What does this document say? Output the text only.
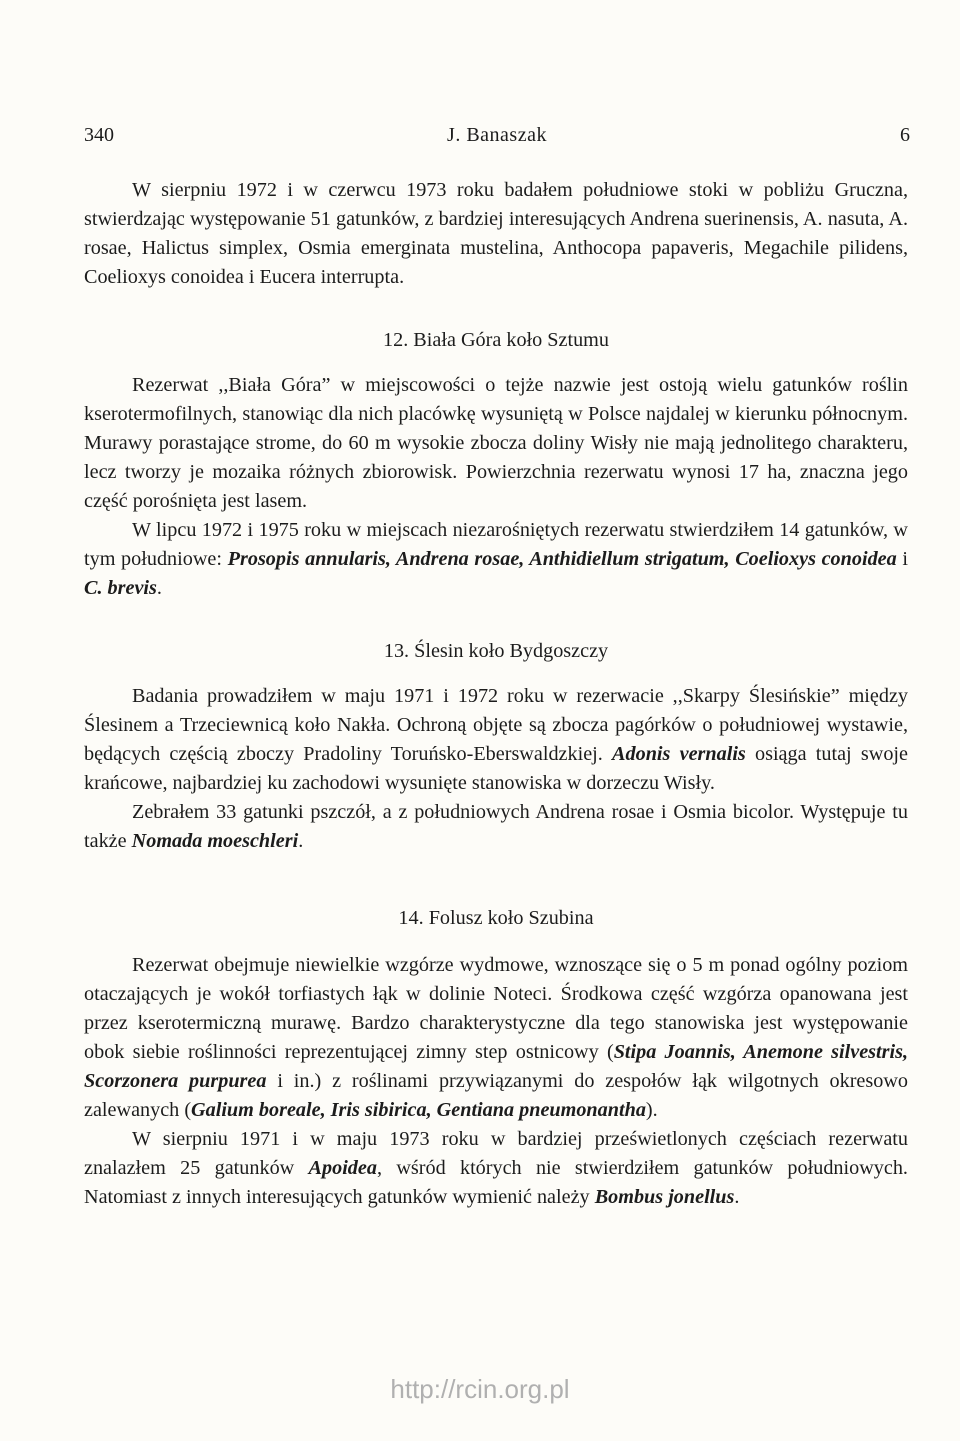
340	J. Banaszak	6

W sierpniu 1972 i w czerwcu 1973 roku badałem południowe stoki w pobliżu Gruczna, stwierdzając występowanie 51 gatunków, z bardziej interesujących Andrena suerinensis, A. nasuta, A. rosae, Halictus simplex, Osmia emerginata mustelina, Anthocopa papaveris, Megachile pilidens, Coelioxys conoidea i Eucera interrupta.

12. Biała Góra koło Sztumu

Rezerwat ,,Biała Góra” w miejscowości o tejże nazwie jest ostoją wielu gatunków roślin kserotermofilnych, stanowiąc dla nich placówkę wysuniętą w Polsce najdalej w kierunku północnym. Murawy porastające strome, do 60 m wysokie zbocza doliny Wisły nie mają jednolitego charakteru, lecz tworzy je mozaika różnych zbiorowisk. Powierzchnia rezerwatu wynosi 17 ha, znaczna jego część porośnięta jest lasem.

W lipcu 1972 i 1975 roku w miejscach niezarośniętych rezerwatu stwierdziłem 14 gatunków, w tym południowe: Prosopis annularis, Andrena rosae, Anthidiellum strigatum, Coelioxys conoidea i C. brevis.

13. Ślesin koło Bydgoszczy

Badania prowadziłem w maju 1971 i 1972 roku w rezerwacie ,,Skarpy Ślesińskie” między Ślesinem a Trzeciewnicą koło Nakła. Ochroną objęte są zbocza pagórków o południowej wystawie, będących częścią zboczy Pradoliny Toruńsko-Eberswaldzkiej. Adonis vernalis osiąga tutaj swoje krańcowe, najbardziej ku zachodowi wysunięte stanowiska w dorzeczu Wisły.

Zebrałem 33 gatunki pszczół, a z południowych Andrena rosae i Osmia bicolor. Występuje tu także Nomada moeschleri.

14. Folusz koło Szubina

Rezerwat obejmuje niewielkie wzgórze wydmowe, wznoszące się o 5 m ponad ogólny poziom otaczających je wokół torfiastych łąk w dolinie Noteci. Środkowa część wzgórza opanowana jest przez kserotermiczną murawę. Bardzo charakterystyczne dla tego stanowiska jest występowanie obok siebie roślinności reprezentującej zimny step ostnicowy (Stipa Joannis, Anemone silvestris, Scorzonera purpurea i in.) z roślinami przywiązanymi do zespołów łąk wilgotnych okresowo zalewanych (Galium boreale, Iris sibirica, Gentiana pneumonantha).

W sierpniu 1971 i w maju 1973 roku w bardziej prześwietlonych częściach rezerwatu znalazłem 25 gatunków Apoidea, wśród których nie stwierdziłem gatunków południowych. Natomiast z innych interesujących gatunków wymienić należy Bombus jonellus.

http://rcin.org.pl
